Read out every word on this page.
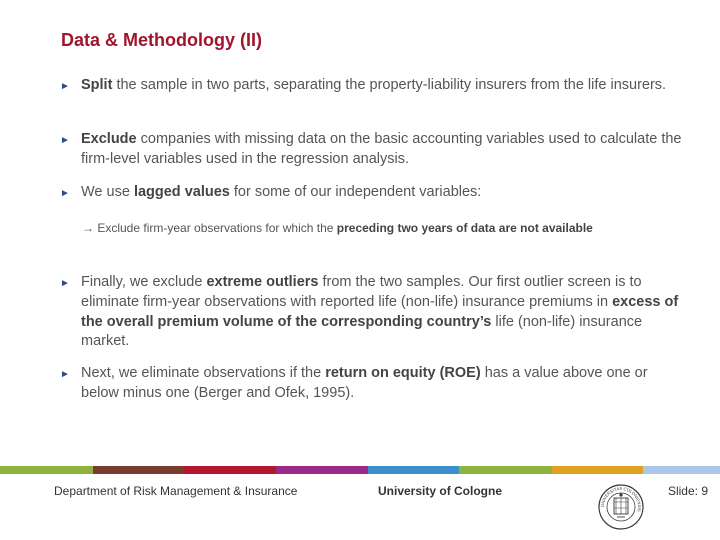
Data & Methodology (II)
► Split the sample in two parts, separating the property-liability insurers from the life insurers.
► Exclude companies with missing data on the basic accounting variables used to calculate the firm-level variables used in the regression analysis.
► We use lagged values for some of our independent variables:
► Finally, we exclude extreme outliers from the two samples. Our first outlier screen is to eliminate firm-year observations with reported life (non-life) insurance premiums in excess of the overall premium volume of the corresponding country’s life (non-life) insurance market.
► Next, we eliminate observations if the return on equity (ROE) has a value above one or below minus one (Berger and Ofek, 1995).
→ Exclude firm-year observations for which the preceding two years of data are not available
Department of Risk Management & Insurance	University of Cologne
UNIVERSITAS COLONIENSIS
Slide: 9
